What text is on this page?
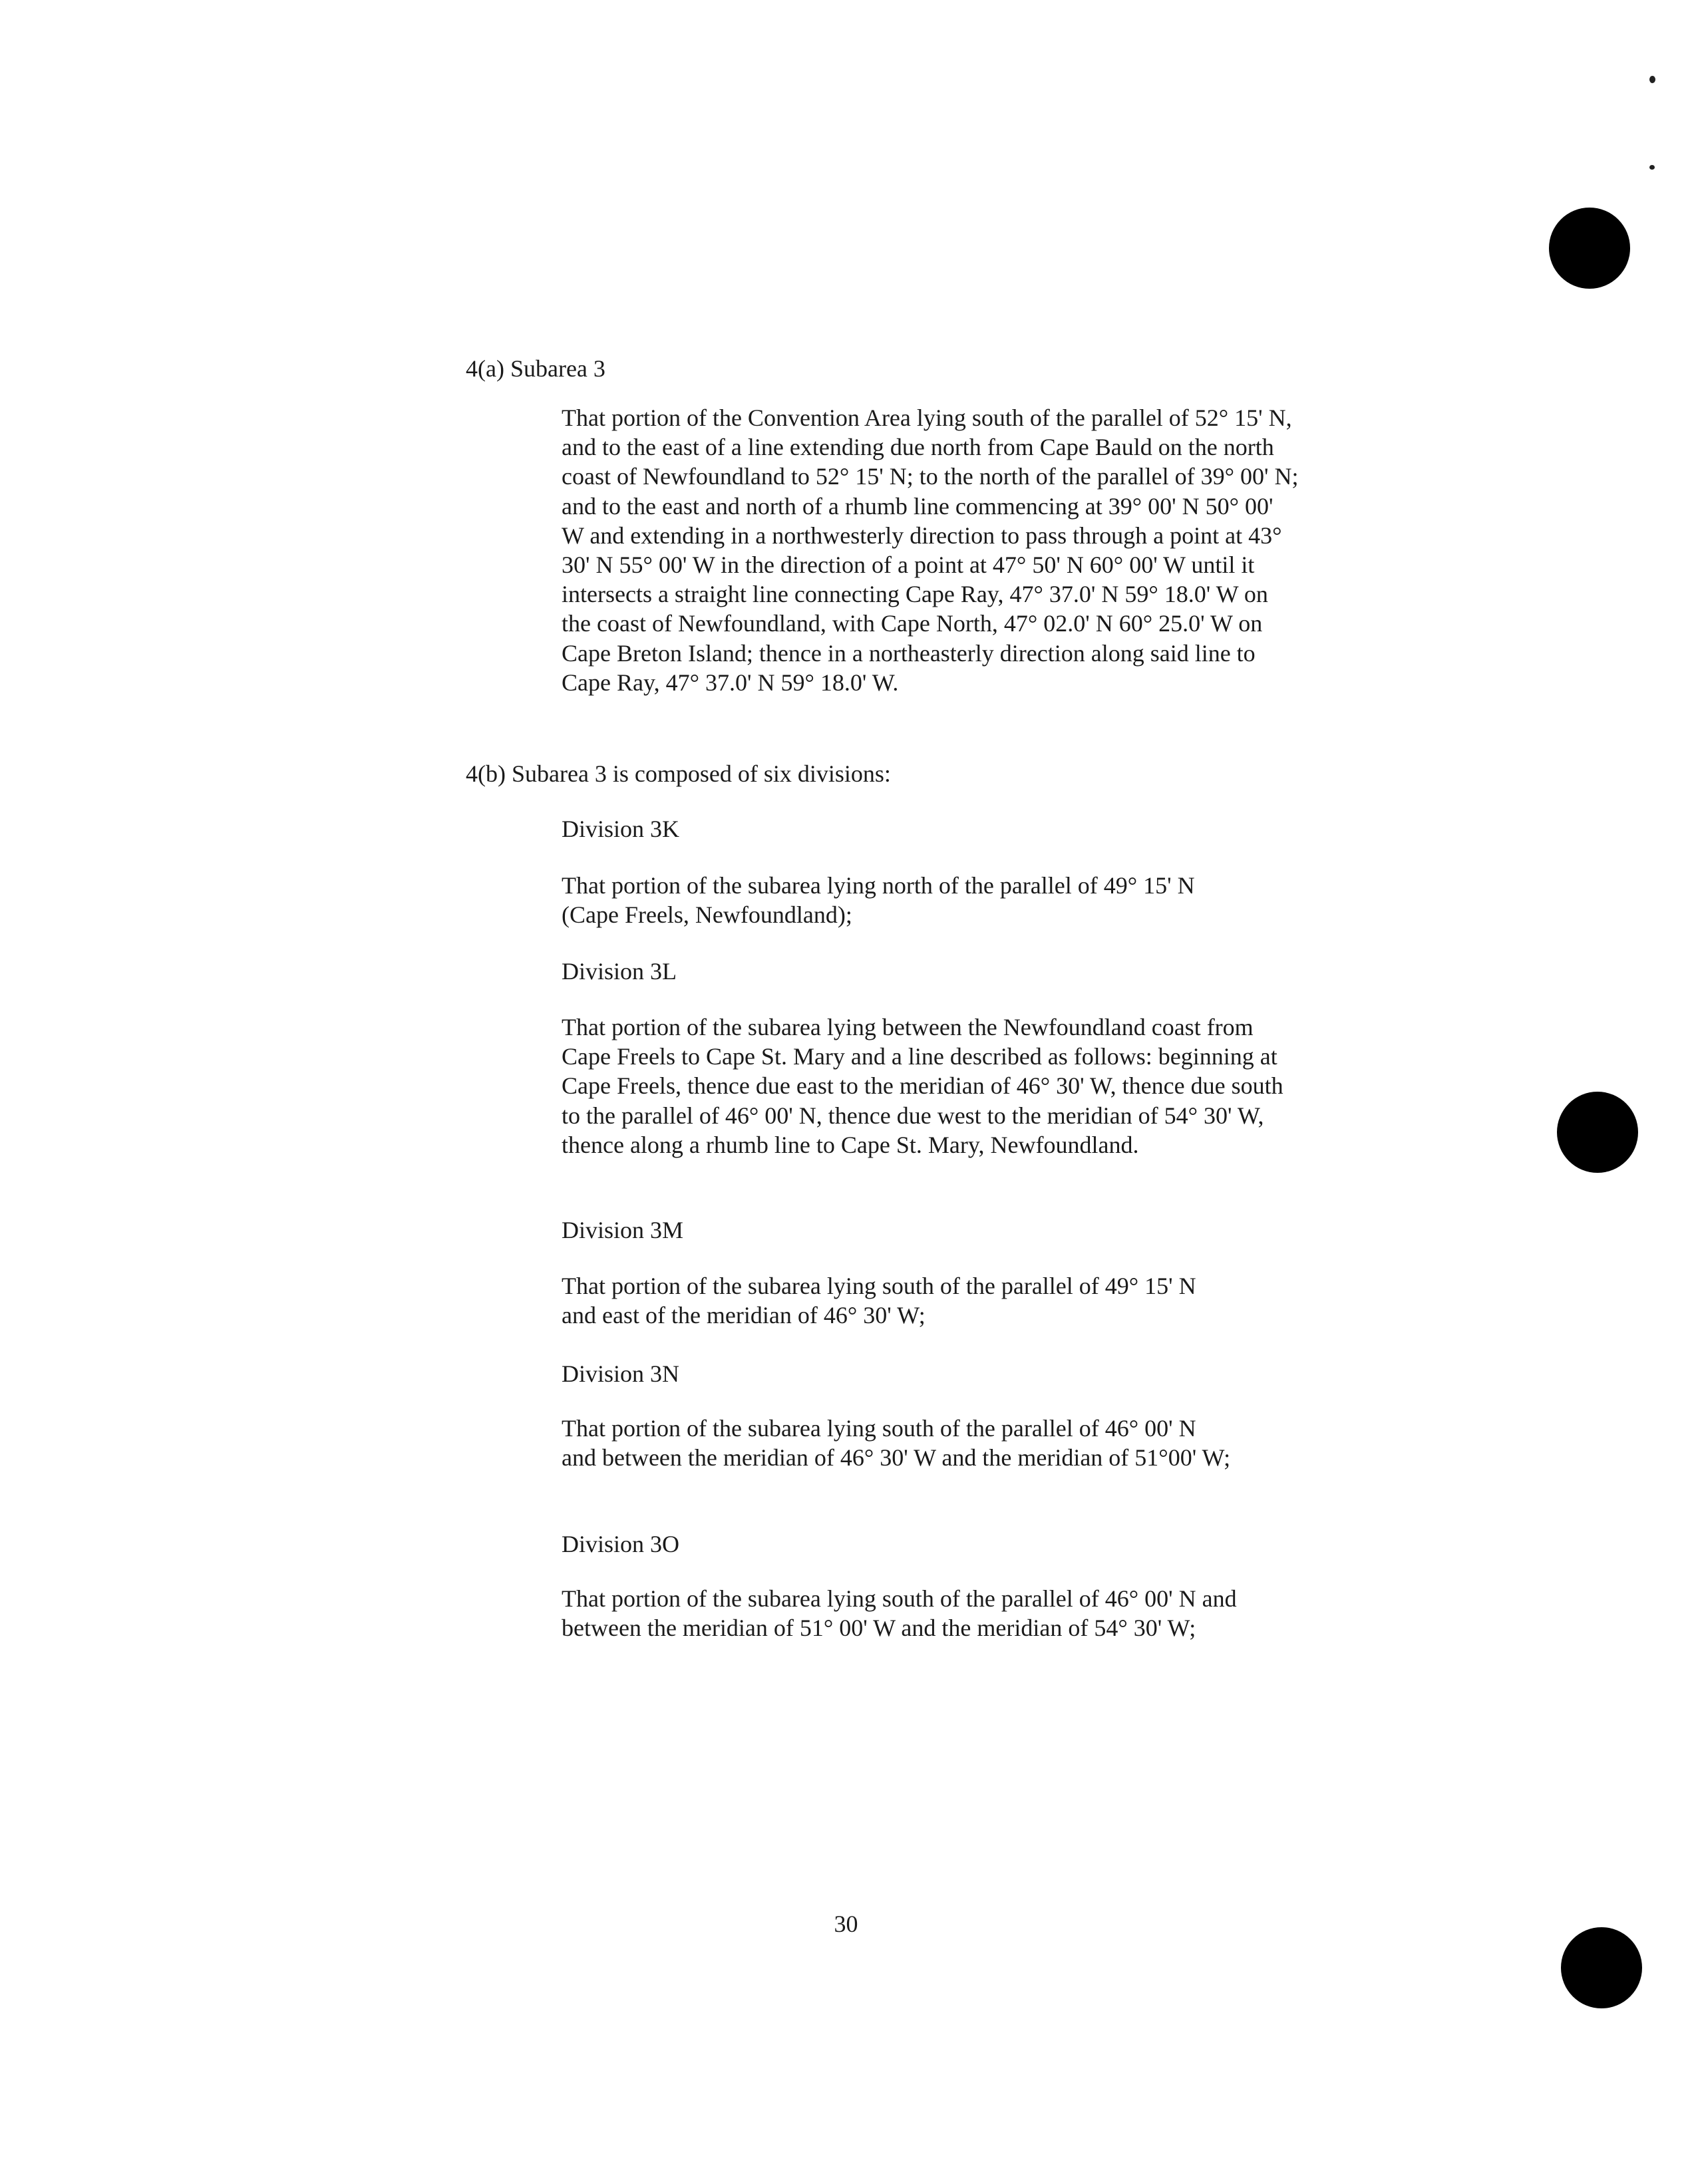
4(a) Subarea 3
That portion of the Convention Area lying south of the parallel of 52° 15' N, and to the east of a line extending due north from Cape Bauld on the north coast of Newfoundland to 52° 15' N; to the north of the parallel of 39° 00' N; and to the east and north of a rhumb line commencing at 39° 00' N 50° 00' W and extending in a northwesterly direction to pass through a point at 43° 30' N 55° 00' W in the direction of a point at 47° 50' N 60° 00' W until it intersects a straight line connecting Cape Ray, 47° 37.0' N 59° 18.0' W on the coast of Newfoundland, with Cape North, 47° 02.0' N 60° 25.0' W on Cape Breton Island; thence in a northeasterly direction along said line to Cape Ray, 47° 37.0' N 59° 18.0' W.
4(b) Subarea 3 is composed of six divisions:
Division 3K
That portion of the subarea lying north of the parallel of 49° 15' N (Cape Freels, Newfoundland);
Division 3L
That portion of the subarea lying between the Newfoundland coast from Cape Freels to Cape St. Mary and a line described as follows: beginning at Cape Freels, thence due east to the meridian of 46° 30' W, thence due south to the parallel of 46° 00' N, thence due west to the meridian of 54° 30' W, thence along a rhumb line to Cape St. Mary, Newfoundland.
Division 3M
That portion of the subarea lying south of the parallel of 49° 15' N and east of the meridian of 46° 30' W;
Division 3N
That portion of the subarea lying south of the parallel of 46° 00' N and between the meridian of 46° 30' W and the meridian of 51°00' W;
Division 3O
That portion of the subarea lying south of the parallel of 46° 00' N and between the meridian of 51° 00' W and the meridian of 54° 30' W;
30
